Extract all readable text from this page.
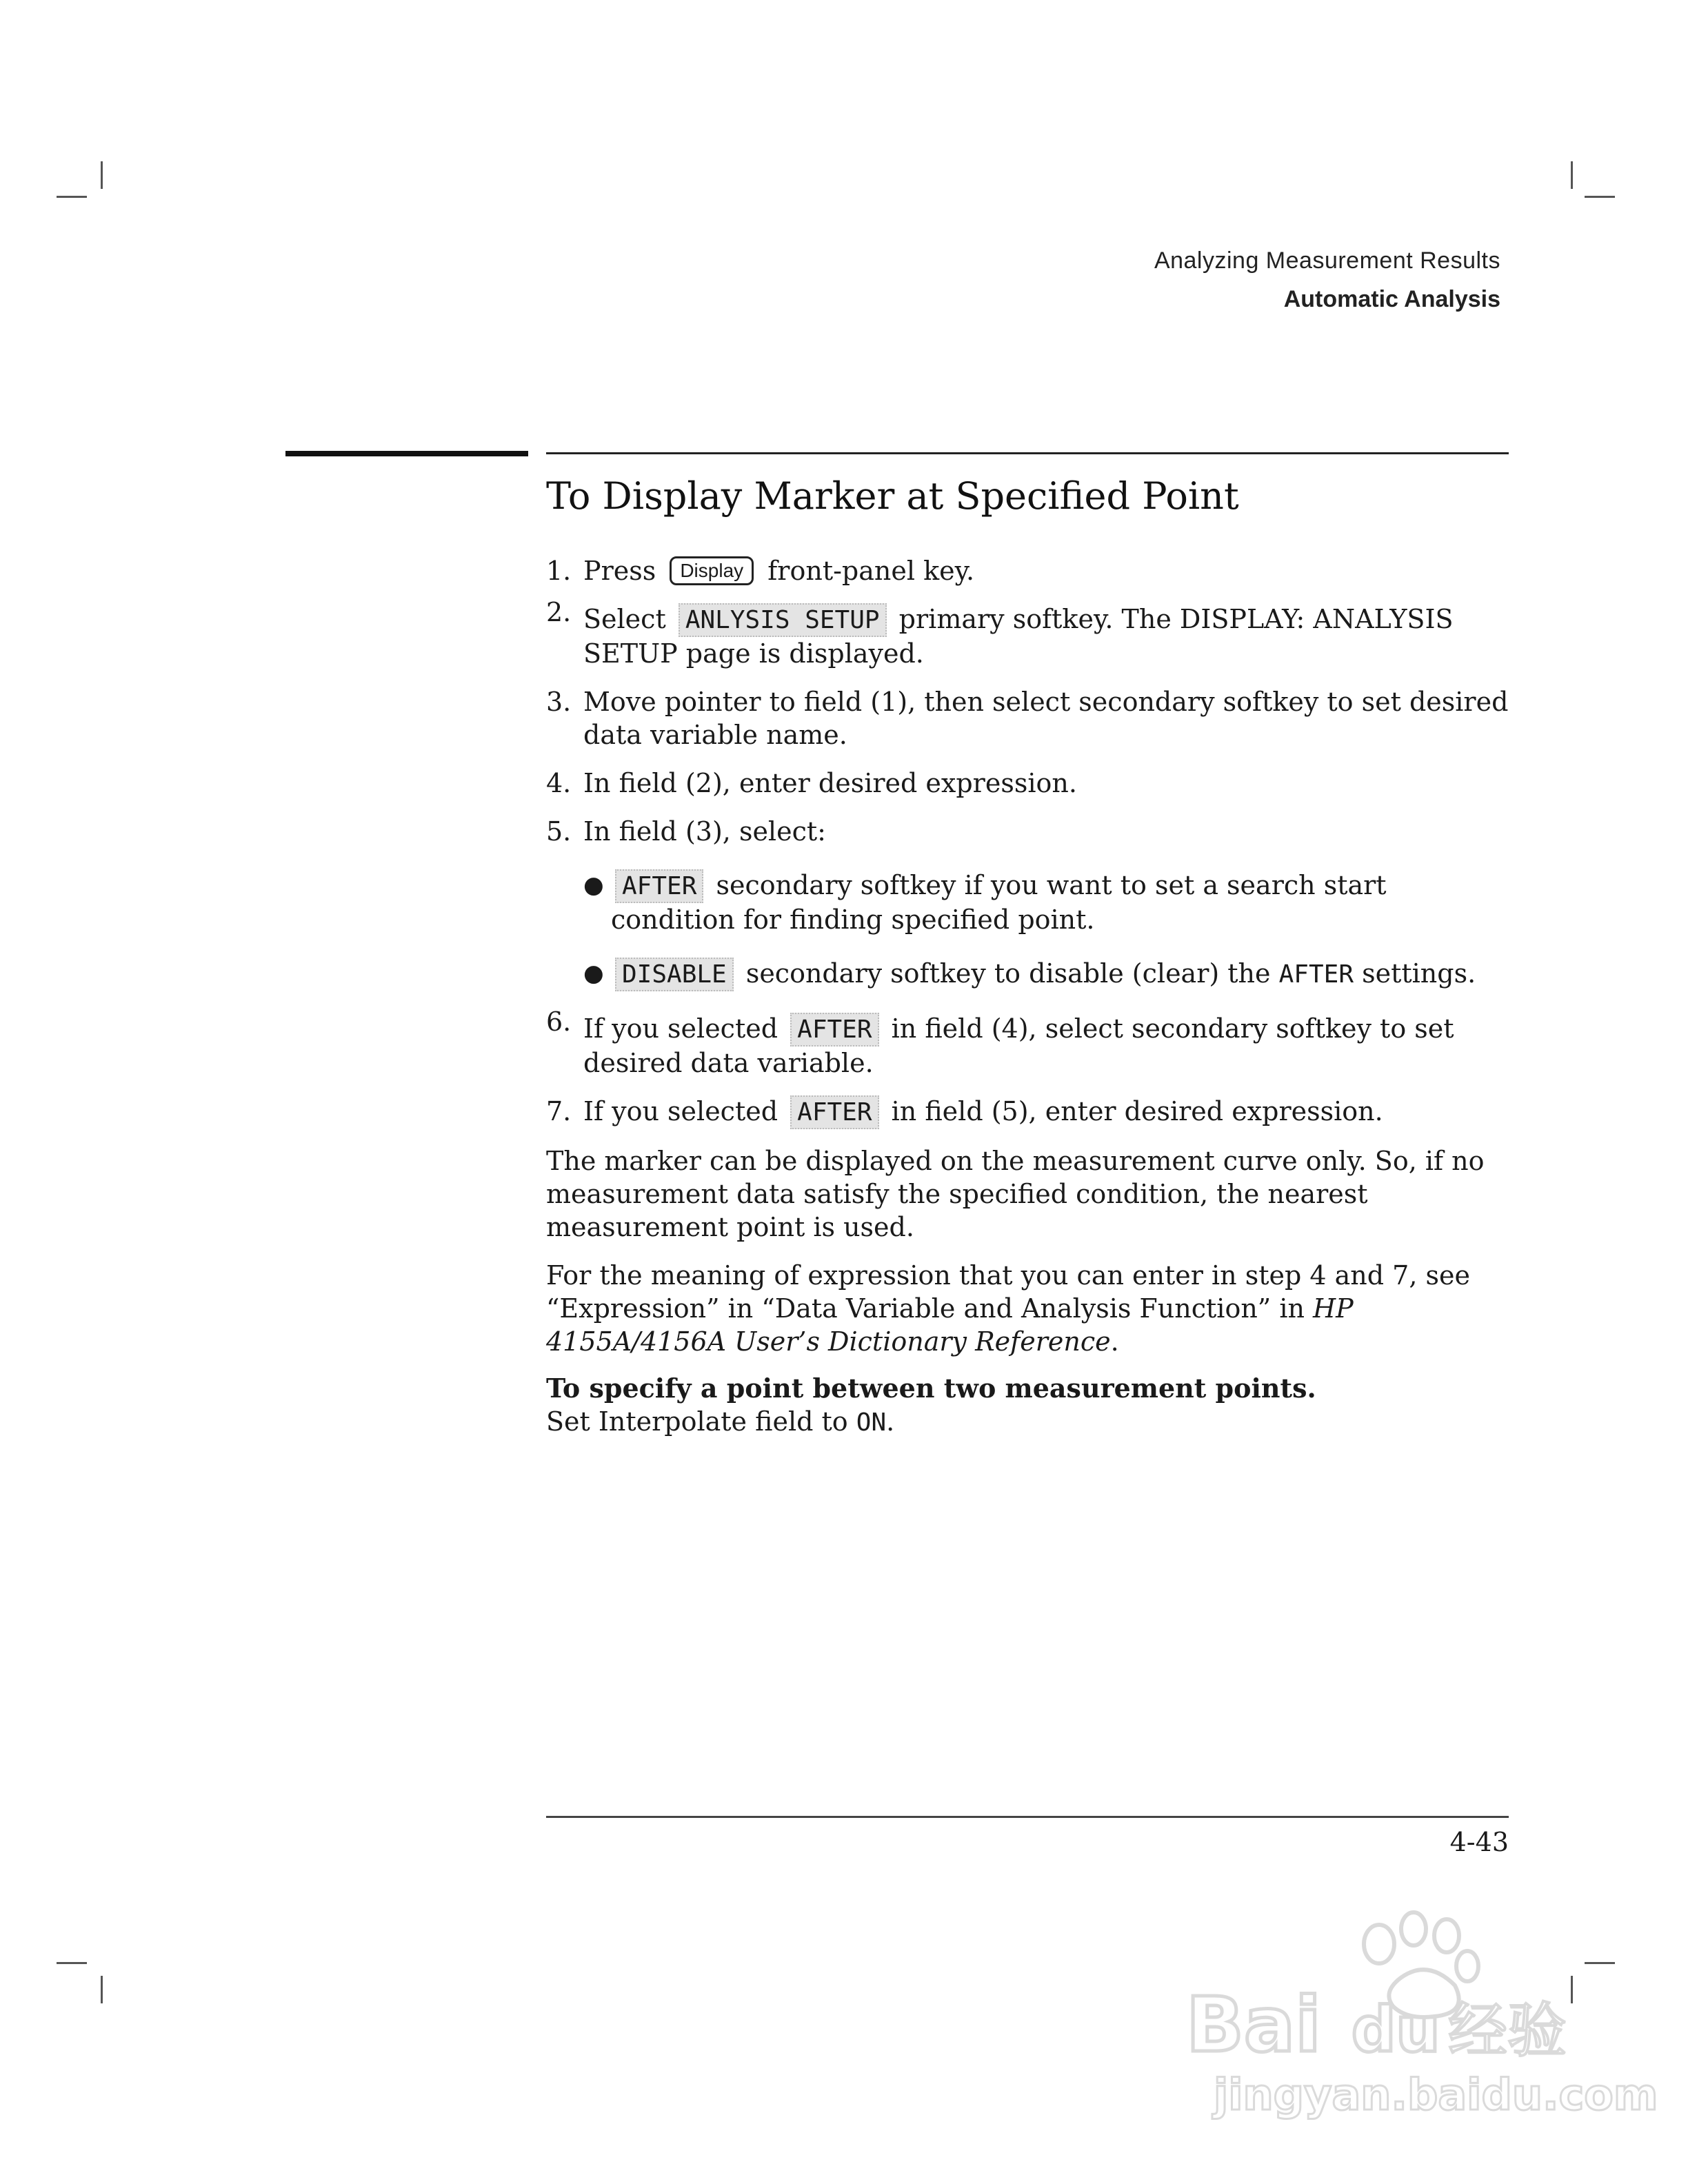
Analyzing Measurement Results
Automatic Analysis
To Display Marker at Specified Point
1. Press Display front-panel key.
2. Select ANLYSIS SETUP primary softkey. The DISPLAY: ANALYSIS SETUP page is displayed.
3. Move pointer to field (1), then select secondary softkey to set desired data variable name.
4. In field (2), enter desired expression.
5. In field (3), select:
● AFTER secondary softkey if you want to set a search start condition for finding specified point.
● DISABLE secondary softkey to disable (clear) the AFTER settings.
6. If you selected AFTER in field (4), select secondary softkey to set desired data variable.
7. If you selected AFTER in field (5), enter desired expression.

The marker can be displayed on the measurement curve only. So, if no measurement data satisfy the specified condition, the nearest measurement point is used.

For the meaning of expression that you can enter in step 4 and 7, see “Expression” in “Data Variable and Analysis Function” in HP 4155A/4156A User’s Dictionary Reference.

To specify a point between two measurement points.
Set Interpolate field to ON.
4-43
Bai du 经验
jingyan.baidu.com
